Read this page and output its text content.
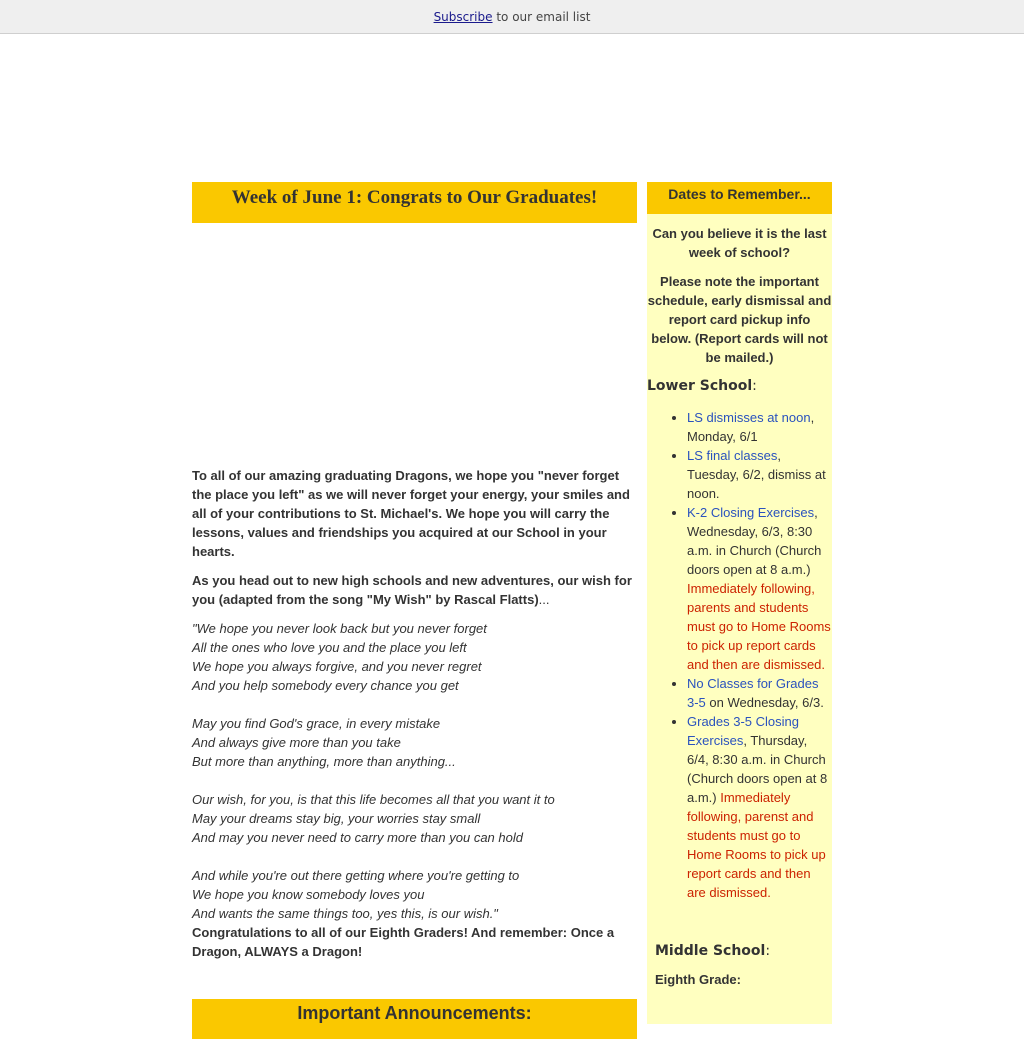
Subscribe to our email list
Week of June 1: Congrats to Our Graduates!

To all of our amazing graduating Dragons, we hope you "never forget the place you left" as we will never forget your energy, your smiles and all of your contributions to St. Michael's. We hope you will carry the lessons, values and friendships you acquired at our School in your hearts.

As you head out to new high schools and new adventures, our wish for you (adapted from the song "My Wish" by Rascal Flatts)...

"We hope you never look back but you never forget
All the ones who love you and the place you left
We hope you always forgive, and you never regret
And you help somebody every chance you get
May you find God's grace, in every mistake
And always give more than you take
But more than anything, more than anything...
Our wish, for you, is that this life becomes all that you want it to
May your dreams stay big, your worries stay small
And may you never need to carry more than you can hold
And while you're out there getting where you're getting to
We hope you know somebody loves you
And wants the same things too, yes this, is our wish."

Congratulations to all of our Eighth Graders! And remember: Once a Dragon, ALWAYS a Dragon!

Important Announcements:
Dates to Remember...

Can you believe it is the last week of school?

Please note the important schedule, early dismissal and report card pickup info below. (Report cards will not be mailed.)

Lower School:

• LS dismisses at noon, Monday, 6/1
• LS final classes, Tuesday, 6/2, dismiss at noon.
• K-2 Closing Exercises, Wednesday, 6/3, 8:30 a.m. in Church (Church doors open at 8 a.m.) Immediately following, parents and students must go to Home Rooms to pick up report cards and then are dismissed.
• No Classes for Grades 3-5 on Wednesday, 6/3.
• Grades 3-5 Closing Exercises, Thursday, 6/4, 8:30 a.m. in Church (Church doors open at 8 a.m.) Immediately following, parenst and students must go to Home Rooms to pick up report cards and then are dismissed.

Middle School:

Eighth Grade:
